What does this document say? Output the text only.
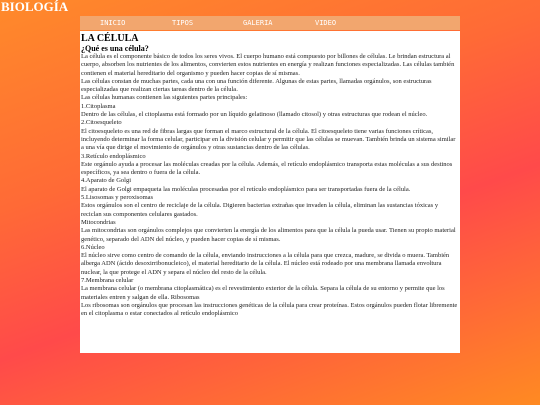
BIOLOGÍA
INICIO	TIPOS	GALERIA	VIDEO
LA CÉLULA
¿Qué es una célula?

La célula es el componente básico de todos los seres vivos. El cuerpo humano está compuesto por billones de células. Le brindan estructura al cuerpo, absorben los nutrientes de los alimentos, convierten estos nutrientes en energía y realizan funciones especializadas. Las células también contienen el material hereditario del organismo y pueden hacer copias de sí mismas.

Las células constan de muchas partes, cada una con una función diferente. Algunas de estas partes, llamadas orgánulos, son estructuras especializadas que realizan ciertas tareas dentro de la célula.

Las células humanas contienen las siguientes partes principales:

1.Citoplasma

Dentro de las células, el citoplasma está formado por un líquido gelatinoso (llamado citosol) y otras estructuras que rodean el núcleo.

2.Citoesqueleto

El citoesqueleto es una red de fibras largas que forman el marco estructural de la célula. El citoesqueleto tiene varias funciones críticas, incluyendo determinar la forma celular, participar en la división celular y permitir que las células se muevan. También brinda un sistema similar a una vía que dirige el movimiento de orgánulos y otras sustancias dentro de las células.

3.Retículo endoplásmico

Este orgánulo ayuda a procesar las moléculas creadas por la célula. Además, el retículo endoplásmico transporta estas moléculas a sus destinos específicos, ya sea dentro o fuera de la célula.

4.Aparato de Golgi

El aparato de Golgi empaqueta las moléculas procesadas por el retículo endoplásmico para ser transportadas fuera de la célula.

5.Lisosomas y peroxisomas

Estos orgánulos son el centro de reciclaje de la célula. Digieren bacterias extrañas que invaden la célula, eliminan las sustancias tóxicas y reciclan sus componentes celulares gastados.

Mitocondrias

Las mitocondrias son orgánulos complejos que convierten la energía de los alimentos para que la célula la pueda usar. Tienen su propio material genético, separado del ADN del núcleo, y pueden hacer copias de sí mismas.

6.Núcleo

El núcleo sirve como centro de comando de la célula, enviando instrucciones a la célula para que crezca, madure, se divida o muera. También alberga ADN (ácido desoxirribonucleico), el material hereditario de la célula. El núcleo está rodeado por una membrana llamada envoltura nuclear, la que protege el ADN y separa el núcleo del resto de la célula.

7.Membrana celular

La membrana celular (o membrana citoplasmática) es el revestimiento exterior de la célula. Separa la célula de su entorno y permite que los materiales entren y salgan de ella. Ribosomas

Los ribosomas son orgánulos que procesan las instrucciones genéticas de la célula para crear proteínas. Estos orgánulos pueden flotar libremente en el citoplasma o estar conectados al retículo endoplásmico
